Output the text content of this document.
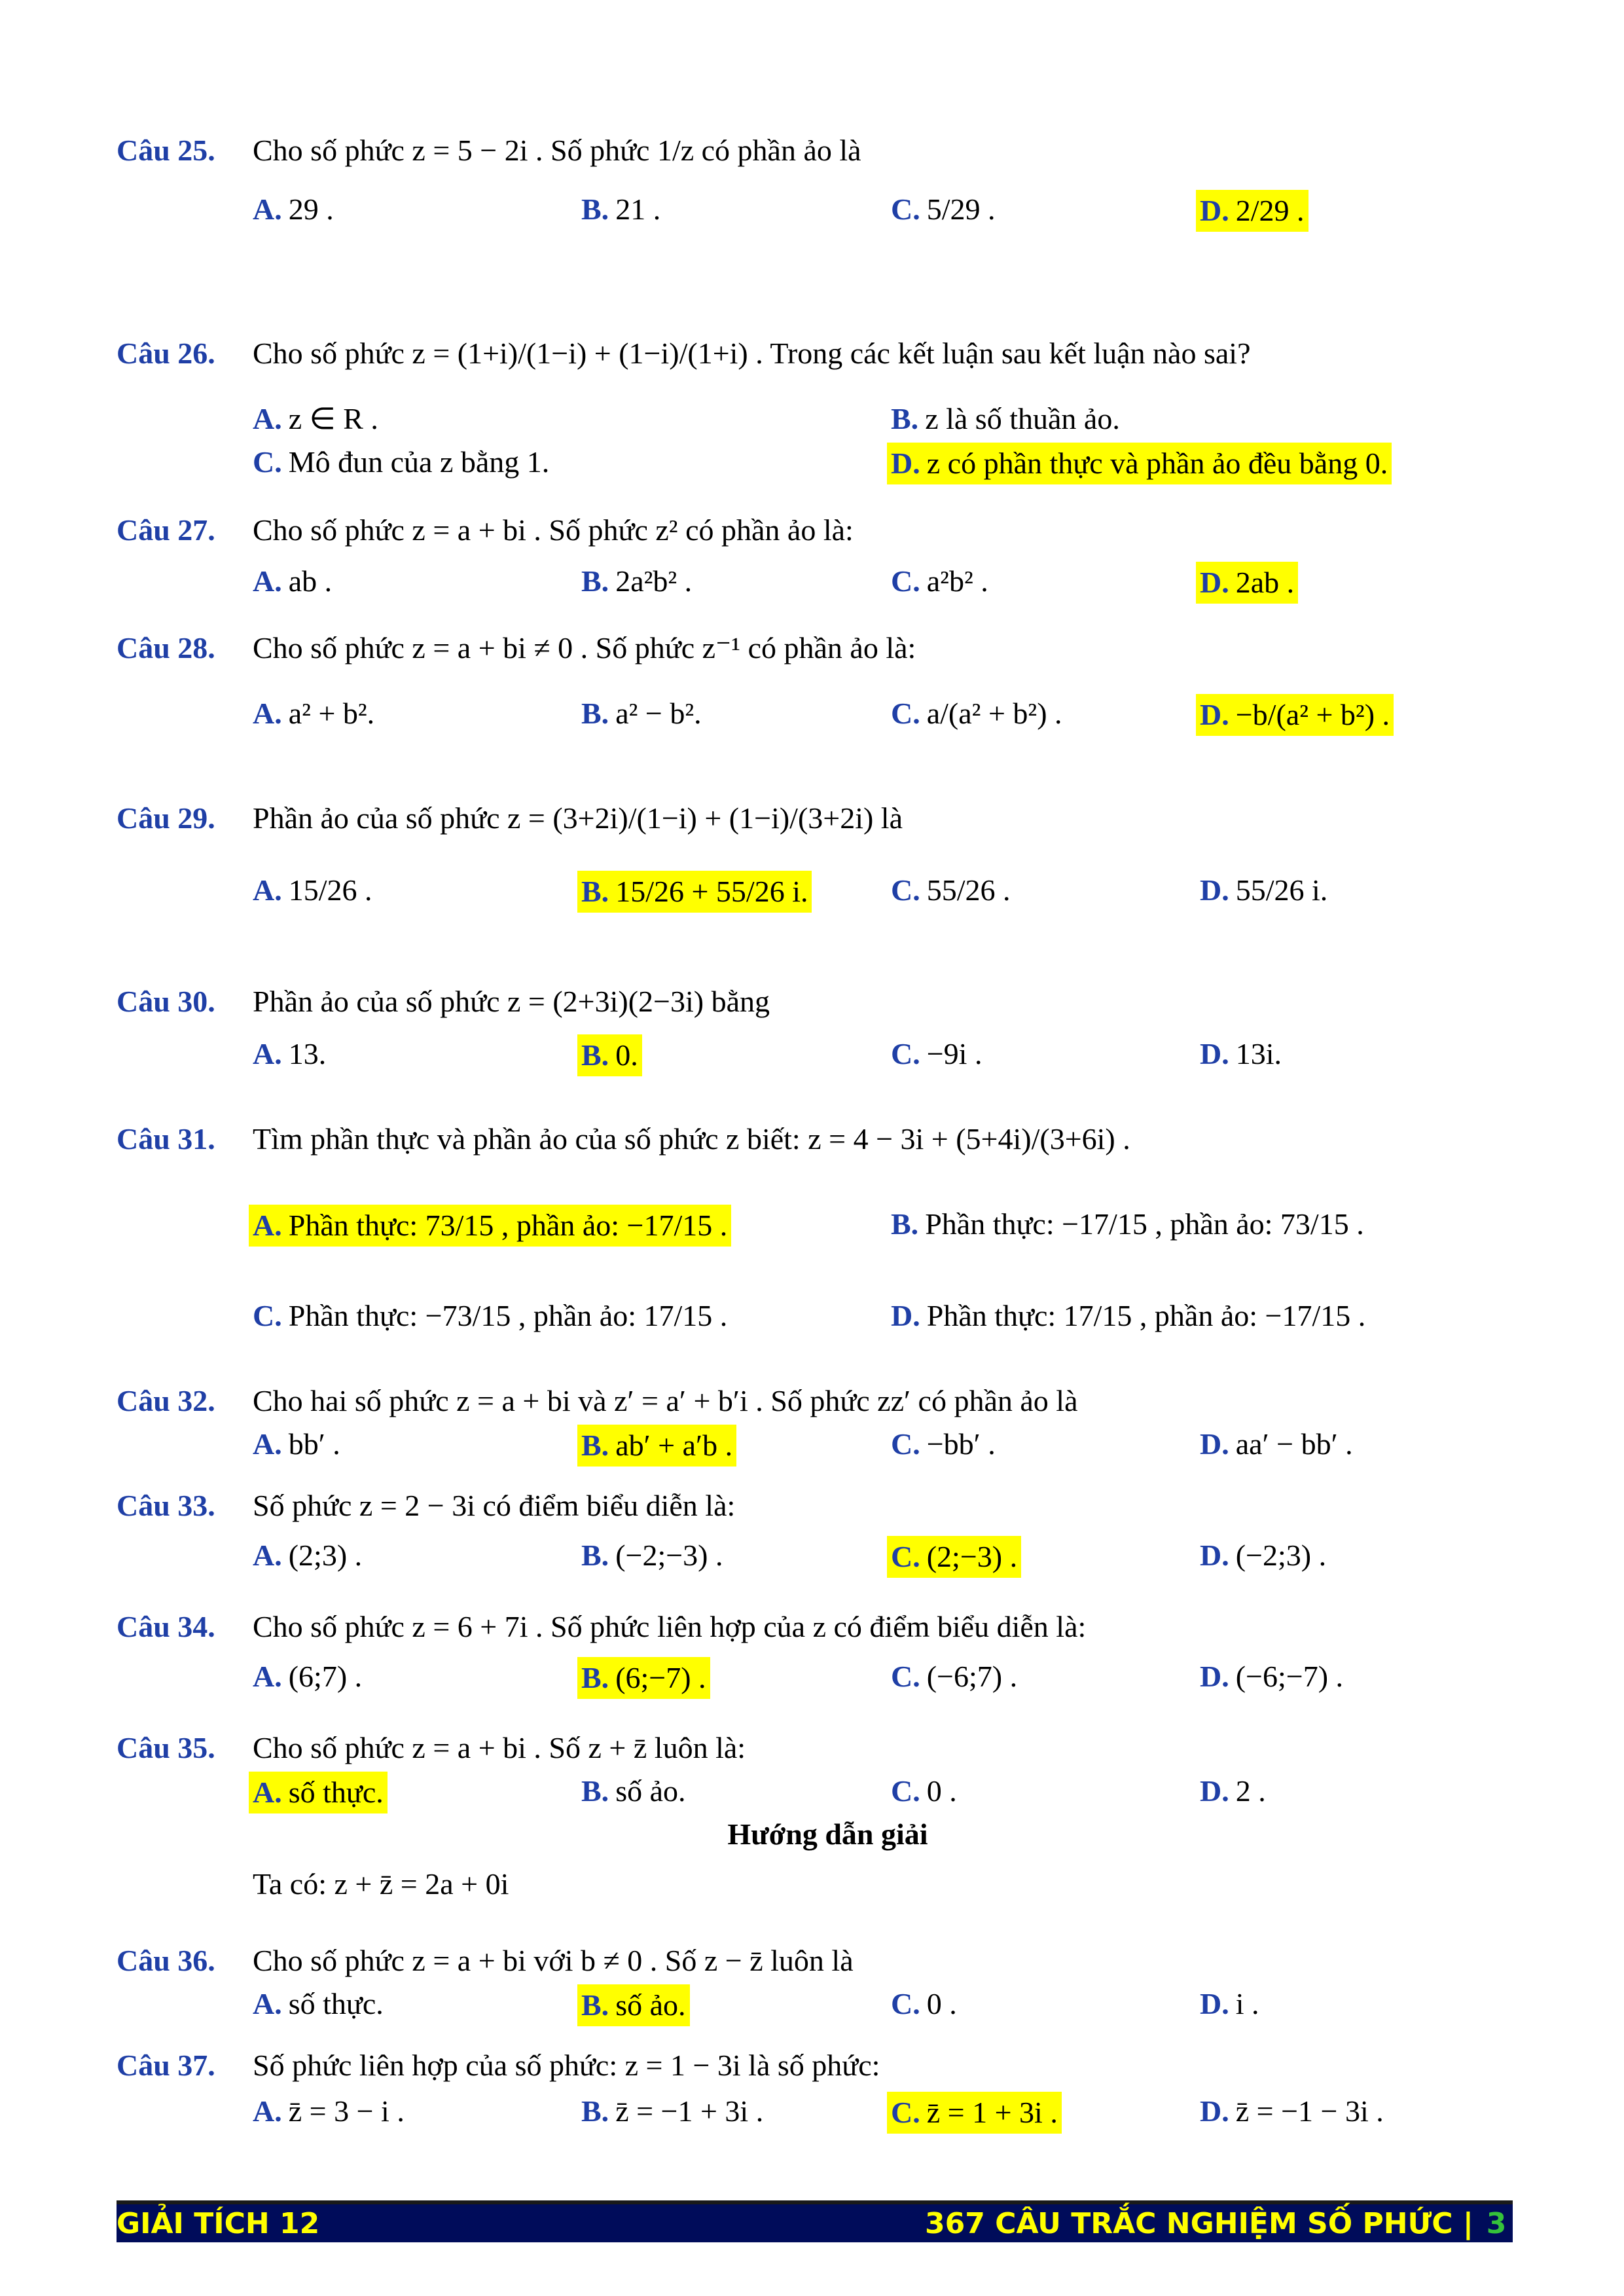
Câu 25. Cho số phức z = 5 − 2i . Số phức 1/z có phần ảo là
A. 29 .	B. 21 .	C. 5/29 .	D. 2/29 .
Câu 26. Cho số phức z = (1+i)/(1−i) + (1−i)/(1+i) . Trong các kết luận sau kết luận nào sai?
A. z ∈ R .	B. z là số thuần ảo.
C. Mô đun của z bằng 1.	D. z có phần thực và phần ảo đều bằng 0.
Câu 27. Cho số phức z = a + bi . Số phức z² có phần ảo là:
A. ab .	B. 2a²b² .	C. a²b² .	D. 2ab .
Câu 28. Cho số phức z = a + bi ≠ 0 . Số phức z⁻¹ có phần ảo là:
A. a² + b².	B. a² − b².	C. a/(a² + b²) .	D. −b/(a² + b²) .
Câu 29. Phần ảo của số phức z = (3+2i)/(1−i) + (1−i)/(3+2i) là
A. 15/26 .	B. 15/26 + 55/26 i.	C. 55/26 .	D. 55/26 i.
Câu 30. Phần ảo của số phức z = (2+3i)(2−3i) bằng
A. 13.	B. 0.	C. −9i .	D. 13i.
Câu 31. Tìm phần thực và phần ảo của số phức z biết: z = 4 − 3i + (5+4i)/(3+6i) .
A. Phần thực: 73/15 , phần ảo: −17/15 .	B. Phần thực: −17/15 , phần ảo: 73/15 .
C. Phần thực: −73/15 , phần ảo: 17/15 .	D. Phần thực: 17/15 , phần ảo: −17/15 .
Câu 32. Cho hai số phức z = a + bi và z′ = a′ + b′i . Số phức zz′ có phần ảo là
A. bb′ .	B. ab′ + a′b .	C. −bb′ .	D. aa′ − bb′ .
Câu 33. Số phức z = 2 − 3i có điểm biểu diễn là:
A. (2;3) .	B. (−2;−3) .	C. (2;−3) .	D. (−2;3) .
Câu 34. Cho số phức z = 6 + 7i . Số phức liên hợp của z có điểm biểu diễn là:
A. (6;7) .	B. (6;−7) .	C. (−6;7) .	D. (−6;−7) .
Câu 35. Cho số phức z = a + bi . Số z + z̄ luôn là:
A. số thực.	B. số ảo.	C. 0 .	D. 2 .
Hướng dẫn giải
Ta có: z + z̄ = 2a + 0i
Câu 36. Cho số phức z = a + bi với b ≠ 0 . Số z − z̄ luôn là
A. số thực.	B. số ảo.	C. 0 .	D. i .
Câu 37. Số phức liên hợp của số phức: z = 1 − 3i là số phức:
A. z̄ = 3 − i .	B. z̄ = −1 + 3i .	C. z̄ = 1 + 3i .	D. z̄ = −1 − 3i .
GIẢI TÍCH 12	367 CÂU TRẮC NGHIỆM SỐ PHỨC | 3
